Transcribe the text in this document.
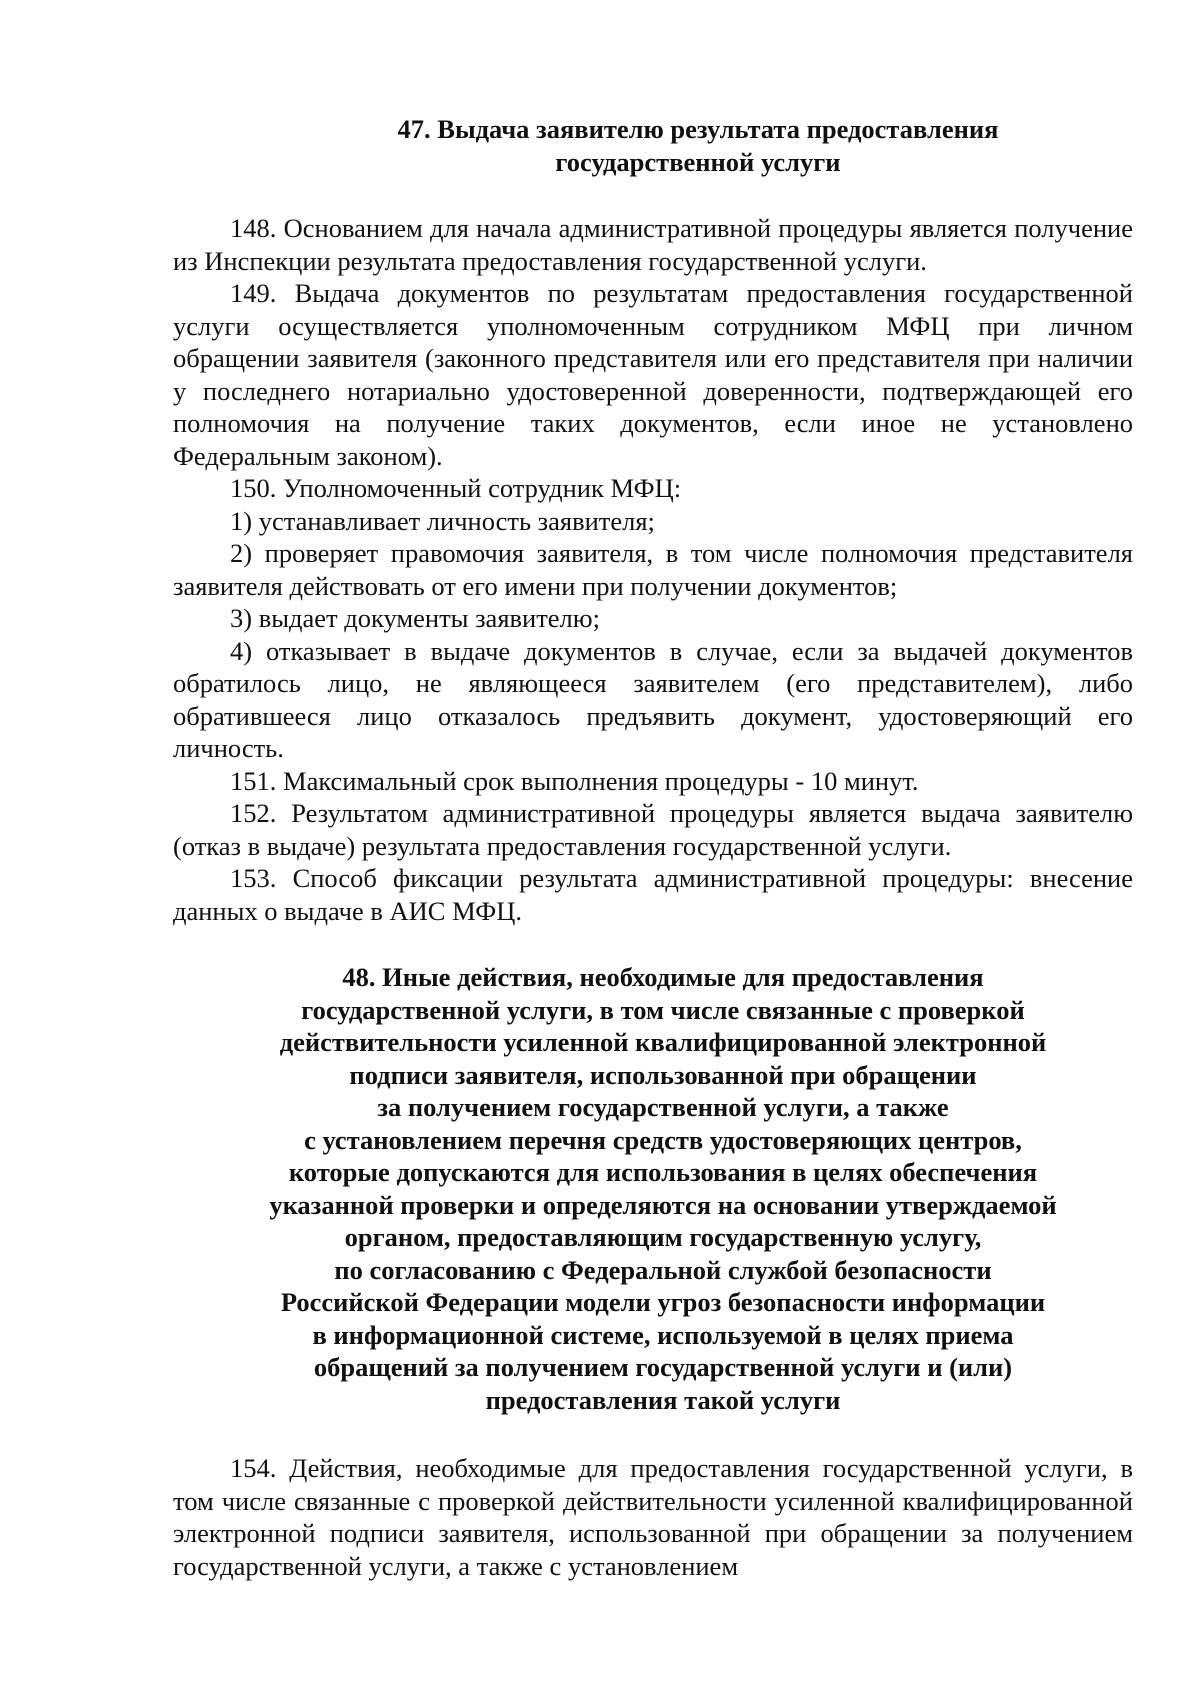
47. Выдача заявителю результата предоставления
государственной услуги

148. Основанием для начала административной процедуры является получение из Инспекции результата предоставления государственной услуги.

149. Выдача документов по результатам предоставления государственной услуги осуществляется уполномоченным сотрудником МФЦ при личном обращении заявителя (законного представителя или его представителя при наличии у последнего нотариально удостоверенной доверенности, подтверждающей его полномочия на получение таких документов, если иное не установлено Федеральным законом).

150. Уполномоченный сотрудник МФЦ:

1) устанавливает личность заявителя;

2) проверяет правомочия заявителя, в том числе полномочия представителя заявителя действовать от его имени при получении документов;

3) выдает документы заявителю;

4) отказывает в выдаче документов в случае, если за выдачей документов обратилось лицо, не являющееся заявителем (его представителем), либо обратившееся лицо отказалось предъявить документ, удостоверяющий его личность.

151. Максимальный срок выполнения процедуры - 10 минут.

152. Результатом административной процедуры является выдача заявителю (отказ в выдаче) результата предоставления государственной услуги.

153. Способ фиксации результата административной процедуры: внесение данных о выдаче в АИС МФЦ.

48. Иные действия, необходимые для предоставления
государственной услуги, в том числе связанные с проверкой
действительности усиленной квалифицированной электронной
подписи заявителя, использованной при обращении
за получением государственной услуги, а также
с установлением перечня средств удостоверяющих центров,
которые допускаются для использования в целях обеспечения
указанной проверки и определяются на основании утверждаемой
органом, предоставляющим государственную услугу,
по согласованию с Федеральной службой безопасности
Российской Федерации модели угроз безопасности информации
в информационной системе, используемой в целях приема
обращений за получением государственной услуги и (или)
предоставления такой услуги

154. Действия, необходимые для предоставления государственной услуги, в том числе связанные с проверкой действительности усиленной квалифицированной электронной подписи заявителя, использованной при обращении за получением государственной услуги, а также с установлением
